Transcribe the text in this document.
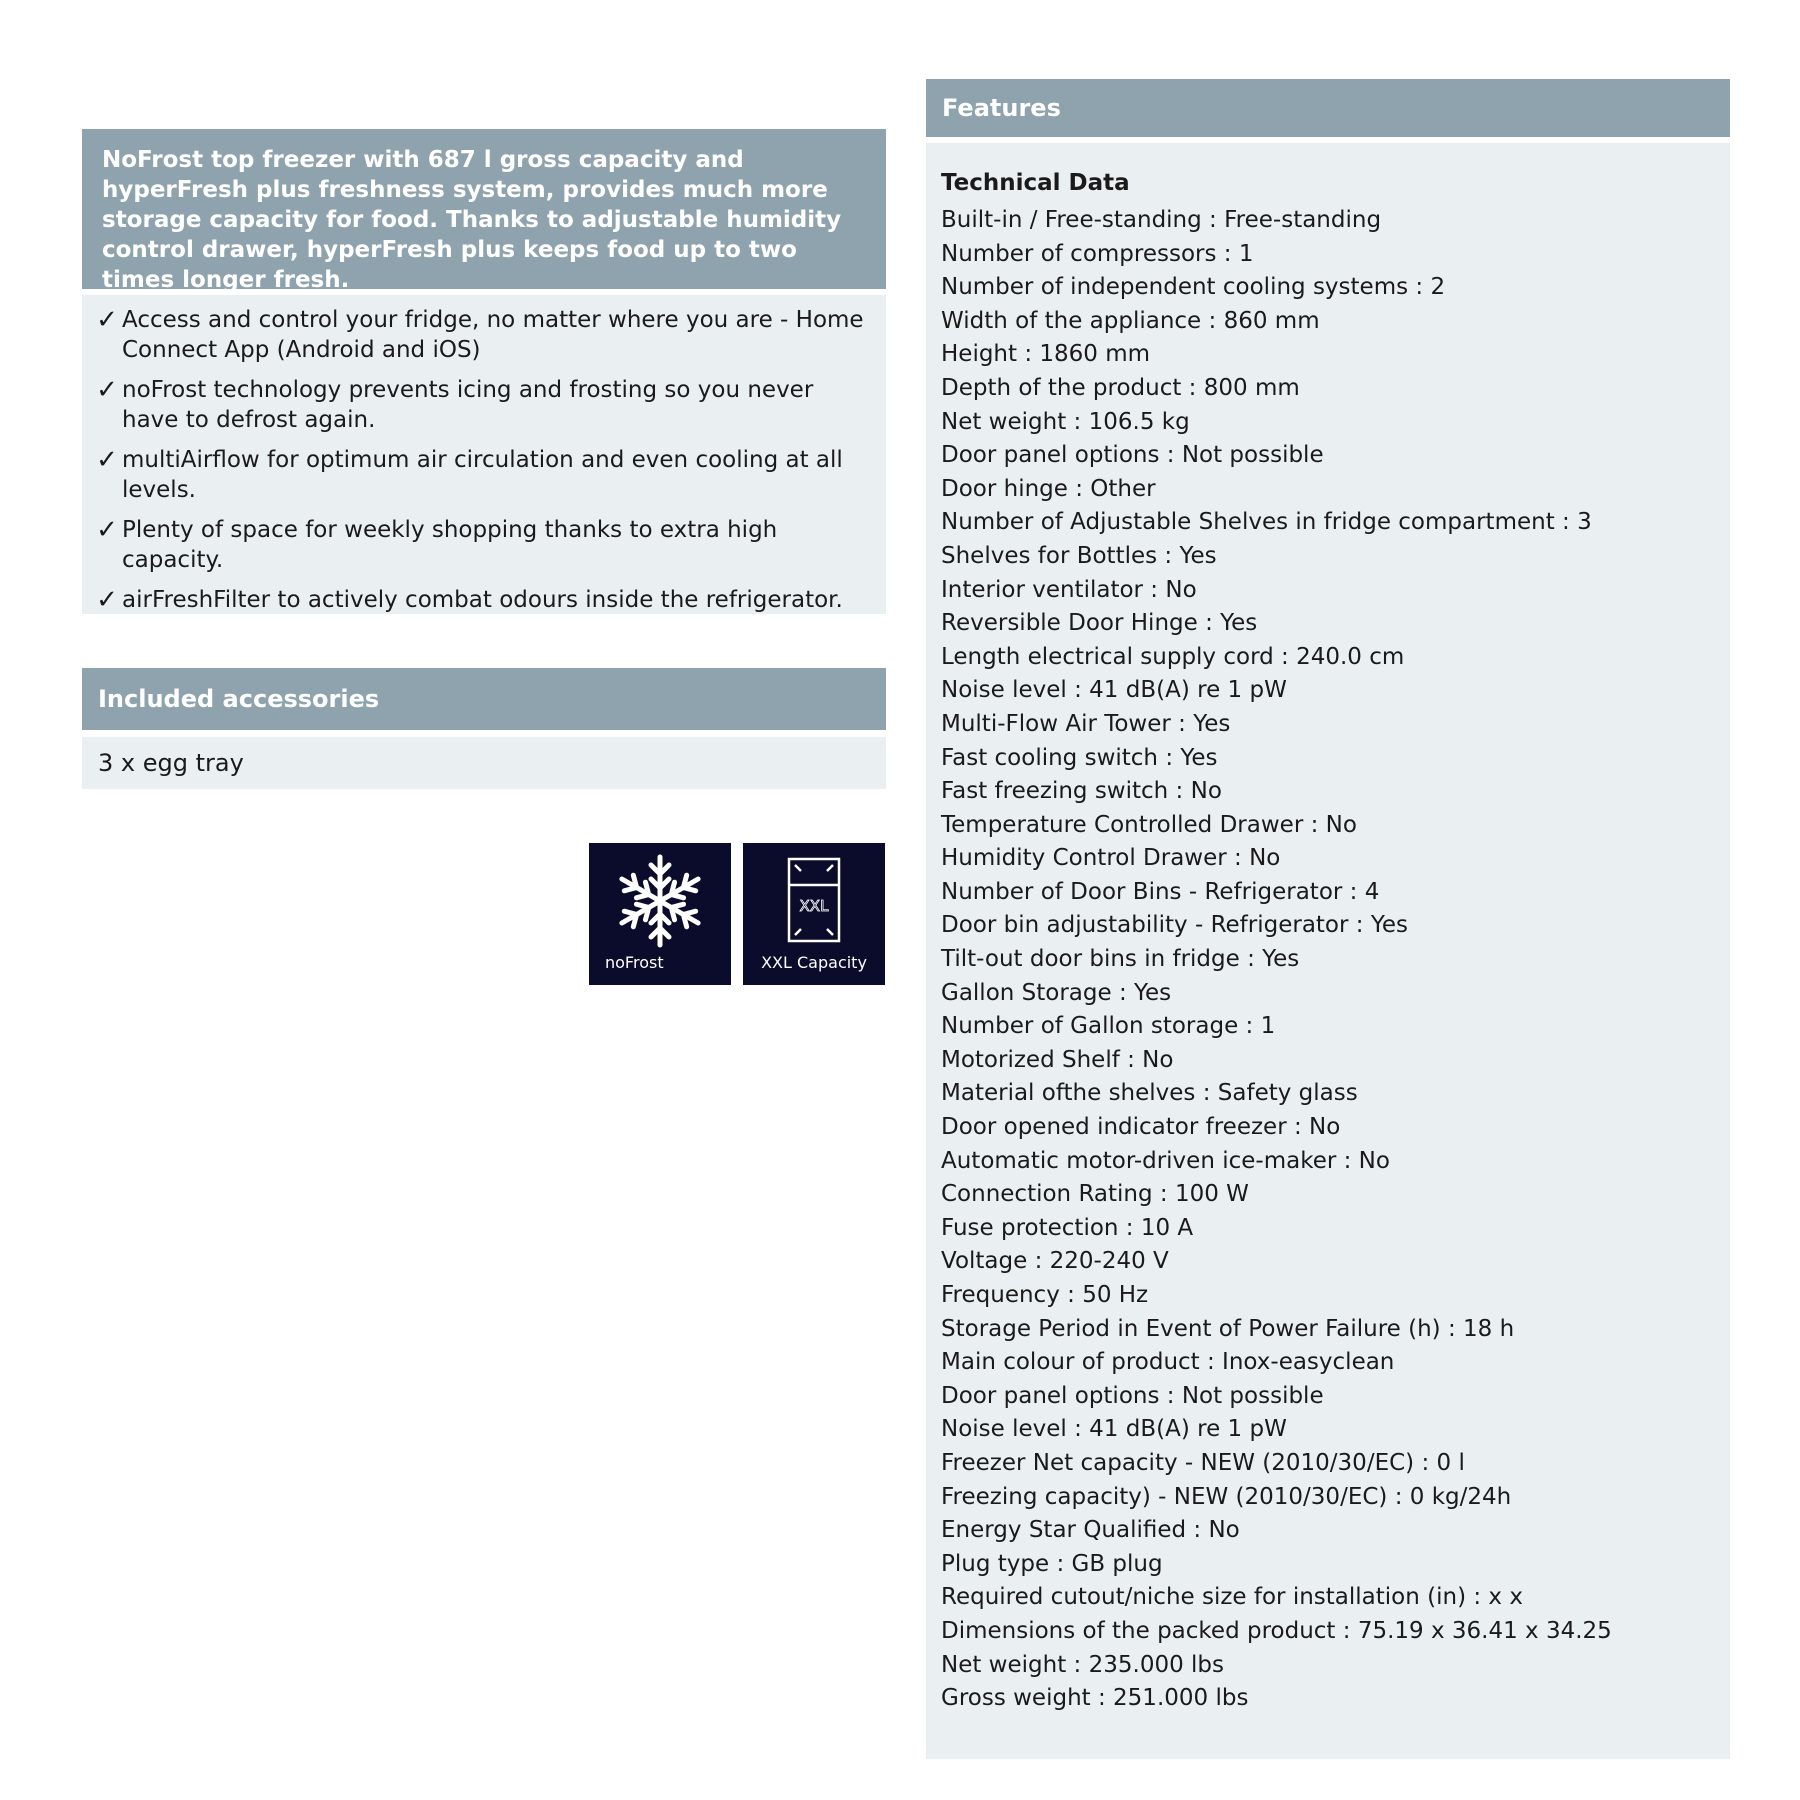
NoFrost top freezer with 687 l gross capacity and hyperFresh plus freshness system, provides much more storage capacity for food. Thanks to adjustable humidity control drawer, hyperFresh plus keeps food up to two times longer fresh.
✓ Access and control your fridge, no matter where you are - Home Connect App (Android and iOS)
✓ noFrost technology prevents icing and frosting so you never have to defrost again.
✓ multiAirflow for optimum air circulation and even cooling at all levels.
✓ Plenty of space for weekly shopping thanks to extra high capacity.
✓ airFreshFilter to actively combat odours inside the refrigerator.
Included accessories
3 x egg tray
noFrost
XXL
XXL Capacity
Features
Technical Data
Built-in / Free-standing : Free-standing
Number of compressors : 1
Number of independent cooling systems : 2
Width of the appliance : 860 mm
Height : 1860 mm
Depth of the product : 800 mm
Net weight : 106.5 kg
Door panel options : Not possible
Door hinge : Other
Number of Adjustable Shelves in fridge compartment : 3
Shelves for Bottles : Yes
Interior ventilator : No
Reversible Door Hinge : Yes
Length electrical supply cord : 240.0 cm
Noise level : 41 dB(A) re 1 pW
Multi-Flow Air Tower : Yes
Fast cooling switch : Yes
Fast freezing switch : No
Temperature Controlled Drawer : No
Humidity Control Drawer : No
Number of Door Bins - Refrigerator : 4
Door bin adjustability - Refrigerator : Yes
Tilt-out door bins in fridge : Yes
Gallon Storage : Yes
Number of Gallon storage : 1
Motorized Shelf : No
Material ofthe shelves : Safety glass
Door opened indicator freezer : No
Automatic motor-driven ice-maker : No
Connection Rating : 100 W
Fuse protection : 10 A
Voltage : 220-240 V
Frequency : 50 Hz
Storage Period in Event of Power Failure (h) : 18 h
Main colour of product : Inox-easyclean
Door panel options : Not possible
Noise level : 41 dB(A) re 1 pW
Freezer Net capacity - NEW (2010/30/EC) : 0 l
Freezing capacity) - NEW (2010/30/EC) : 0 kg/24h
Energy Star Qualified : No
Plug type : GB plug
Required cutout/niche size for installation (in) : x x
Dimensions of the packed product : 75.19 x 36.41 x 34.25
Net weight : 235.000 lbs
Gross weight : 251.000 lbs
